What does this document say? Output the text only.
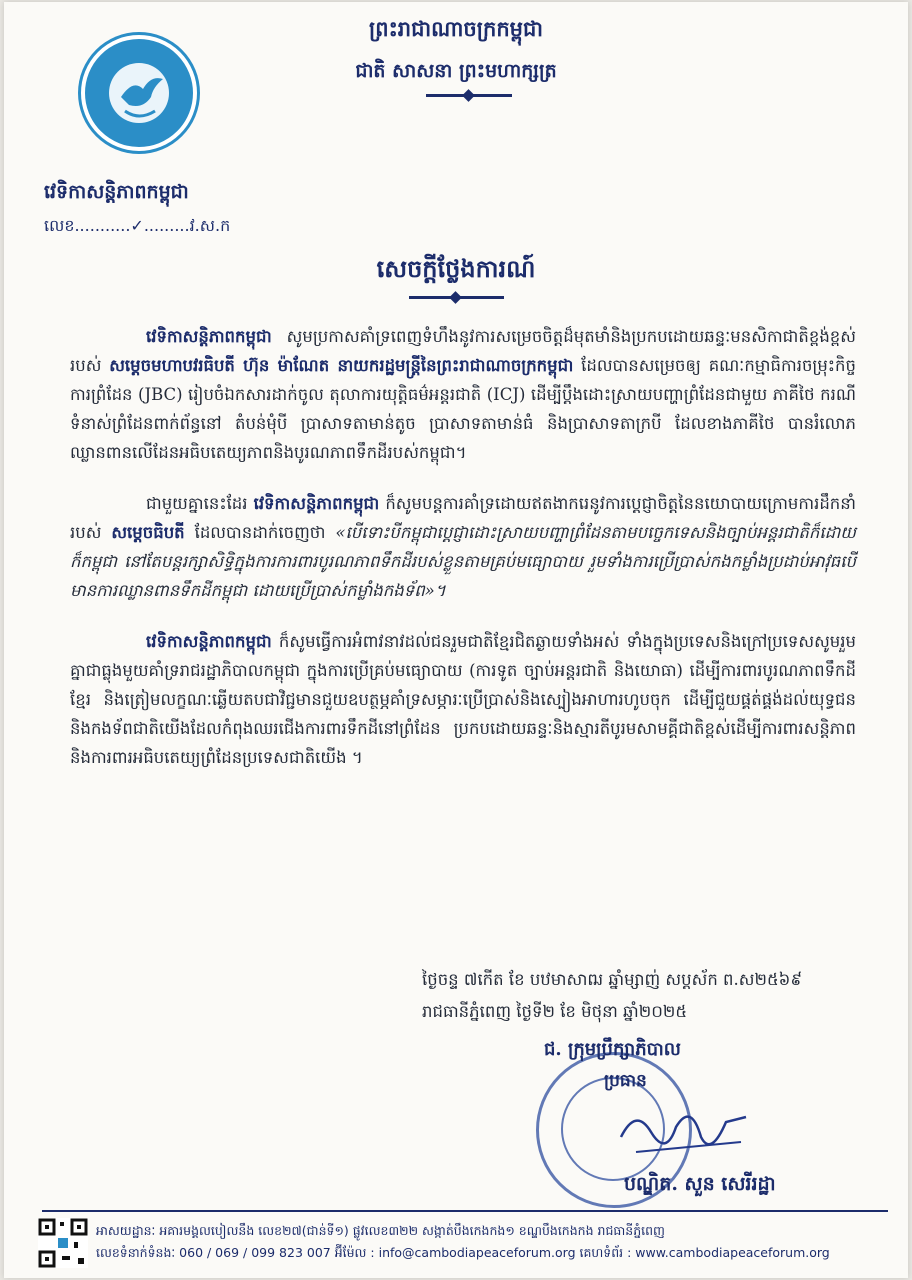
ព្រះរាជាណាចក្រកម្ពុជា
ជាតិ សាសនា ព្រះមហាក្សត្រ
វេទិកាសន្តិភាពកម្ពុជា
លេខ...........✓.........វ.ស.ក
សេចក្តីថ្លែងការណ៍

វេទិកាសន្តិភាពកម្ពុជា សូមប្រកាសគាំទ្រពេញទំហឹងនូវការសម្រេចចិត្តដ៏មុតមាំនិងប្រកបដោយឆន្ទៈមនសិកាជាតិខ្ពង់ខ្ពស់របស់ សម្តេចមហាបវរធិបតី ហ៊ុន ម៉ាណែត នាយករដ្ឋមន្ត្រីនៃព្រះរាជាណាចក្រកម្ពុជា ដែលបានសម្រេចឲ្យ គណៈកម្មាធិការចម្រុះកិច្ចការព្រំដែន (JBC) រៀបចំឯកសារដាក់ចូល តុលាការយុត្តិធម៌អន្តរជាតិ (ICJ) ដើម្បីប្តឹងដោះស្រាយបញ្ហាព្រំដែនជាមួយ ភាគីថៃ ករណីទំនាស់ព្រំដែនពាក់ព័ន្ធនៅ តំបន់មុំបី ប្រាសាទតាមាន់តូច ប្រាសាទតាមាន់ធំ និងប្រាសាទតាក្របី ដែលខាងភាគីថៃ បានរំលោភឈ្លានពានលើដែនអធិបតេយ្យភាពនិងបូរណភាពទឹកដីរបស់កម្ពុជា។

ជាមួយគ្នានេះដែរ វេទិកាសន្តិភាពកម្ពុជា ក៏សូមបន្តការគាំទ្រដោយឥតងាករេនូវការប្តេជ្ញាចិត្តនៃនយោបាយក្រោមការដឹកនាំរបស់ សម្តេចធិបតី ដែលបានដាក់ចេញថា «បើទោះបីកម្ពុជាប្តេជ្ញាដោះស្រាយបញ្ហាព្រំដែនតាមបច្ចេកទេសនិងច្បាប់អន្តរជាតិក៏ដោយ ក៏កម្ពុជា នៅតែបន្តរក្សាសិទ្ធិក្នុងការការពារបូរណភាពទឹកដីរបស់ខ្លួនតាមគ្រប់មធ្យោបាយ រួមទាំងការប្រើប្រាស់កងកម្លាំងប្រដាប់អាវុធបើមានការឈ្លានពានទឹកដីកម្ពុជា ដោយប្រើប្រាស់កម្លាំងកងទ័ព»។

វេទិកាសន្តិភាពកម្ពុជា ក៏សូមធ្វើការអំពាវនាវដល់ជនរួមជាតិខ្មែរជិតឆ្ងាយទាំងអស់ ទាំងក្នុងប្រទេសនិងក្រៅប្រទេសសូមរួមគ្នាជាធ្លុងមួយគាំទ្ររាជរដ្ឋាភិបាលកម្ពុជា ក្នុងការប្រើគ្រប់មធ្យោបាយ (ការទូត ច្បាប់អន្តរជាតិ និងយោធា) ដើម្បីការពារបូរណភាពទឹកដីខ្មែរ និងត្រៀមលក្ខណៈឆ្លើយតបជាវិជ្ជមានជួយឧបត្ថម្ភគាំទ្រសម្ភារៈប្រើប្រាស់និងស្បៀងអាហារហូបចុក ដើម្បីជួយផ្គត់ផ្គង់ដល់យុទ្ធជននិងកងទ័ពជាតិយើងដែលកំពុងឈរជើងការពារទឹកដីនៅព្រំដែន ប្រកបដោយឆន្ទៈនិងស្មារតីបូរមសាមគ្គីជាតិខ្ពស់ដើម្បីការពារសន្តិភាព និងការពារអធិបតេយ្យព្រំដែនប្រទេសជាតិយើង ។

ថ្ងៃចន្ទ ៧កើត ខែ បឋមាសាឍ ឆ្នាំម្សាញ់ សប្តស័ក ព.ស២៥៦៩
រាជធានីភ្នំពេញ ថ្ងៃទី២ ខែ មិថុនា ឆ្នាំ២០២៥
ជ. ក្រុមប្រឹក្សាភិបាល
ប្រធាន
បណ្ឌិត. សួន សេរីរដ្ឋា
អាសយដ្ឋានៈ អគារមង្គលបៀលនឹង លេខ២៧(ជាន់ទី១) ផ្លូវលេខ៣២២ សង្កាត់បឹងកេងកង១ ខណ្ឌបឹងកេងកង រាជធានីភ្នំពេញ
លេខទំនាក់ទំនងៈ 060 / 069 / 099 823 007 អ៊ីម៉ែល : info@cambodiapeaceforum.org គេហទំព័រ : www.cambodiapeaceforum.org
